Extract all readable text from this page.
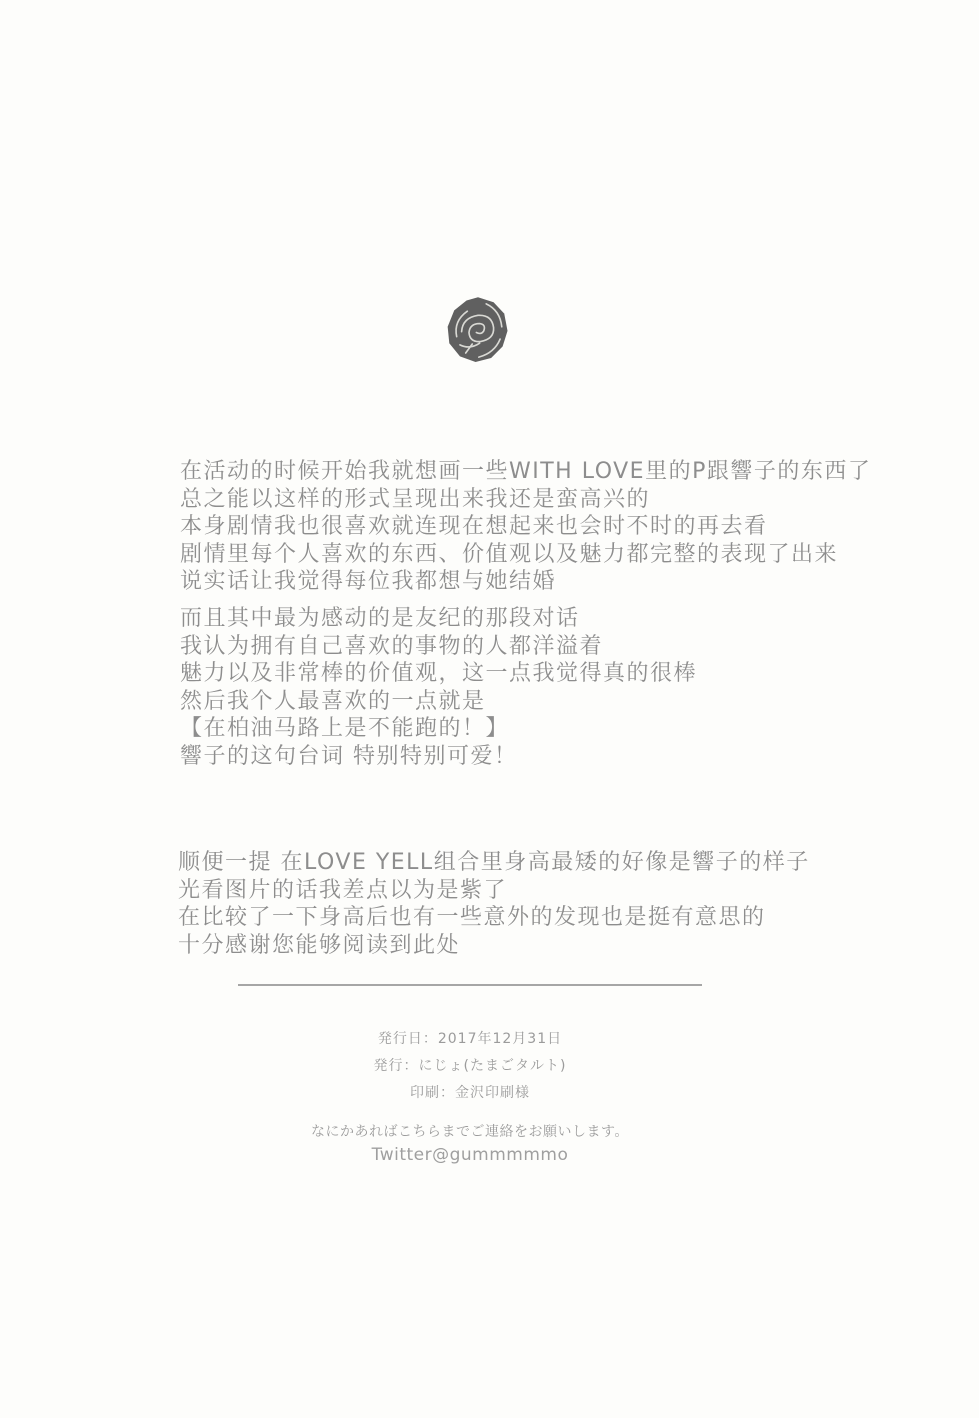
在活动的时候开始我就想画一些WITH LOVE里的P跟響子的东西了
总之能以这样的形式呈现出来我还是蛮高兴的
本身剧情我也很喜欢就连现在想起来也会时不时的再去看
剧情里每个人喜欢的东西、价值观以及魅力都完整的表现了出来
说实话让我觉得每位我都想与她结婚
而且其中最为感动的是友纪的那段对话
我认为拥有自己喜欢的事物的人都洋溢着
魅力以及非常棒的价值观，这一点我觉得真的很棒
然后我个人最喜欢的一点就是
【在柏油马路上是不能跑的！】
響子的这句台词 特别特别可爱！
顺便一提 在LOVE YELL组合里身高最矮的好像是響子的样子
光看图片的话我差点以为是紫了
在比较了一下身高后也有一些意外的发现也是挺有意思的
十分感谢您能够阅读到此处
発行日：2017年12月31日
発行：にじょ(たまごタルト)
印刷：金沢印刷様
なにかあればこちらまでご連絡をお願いします。
Twitter@gummmmmo
